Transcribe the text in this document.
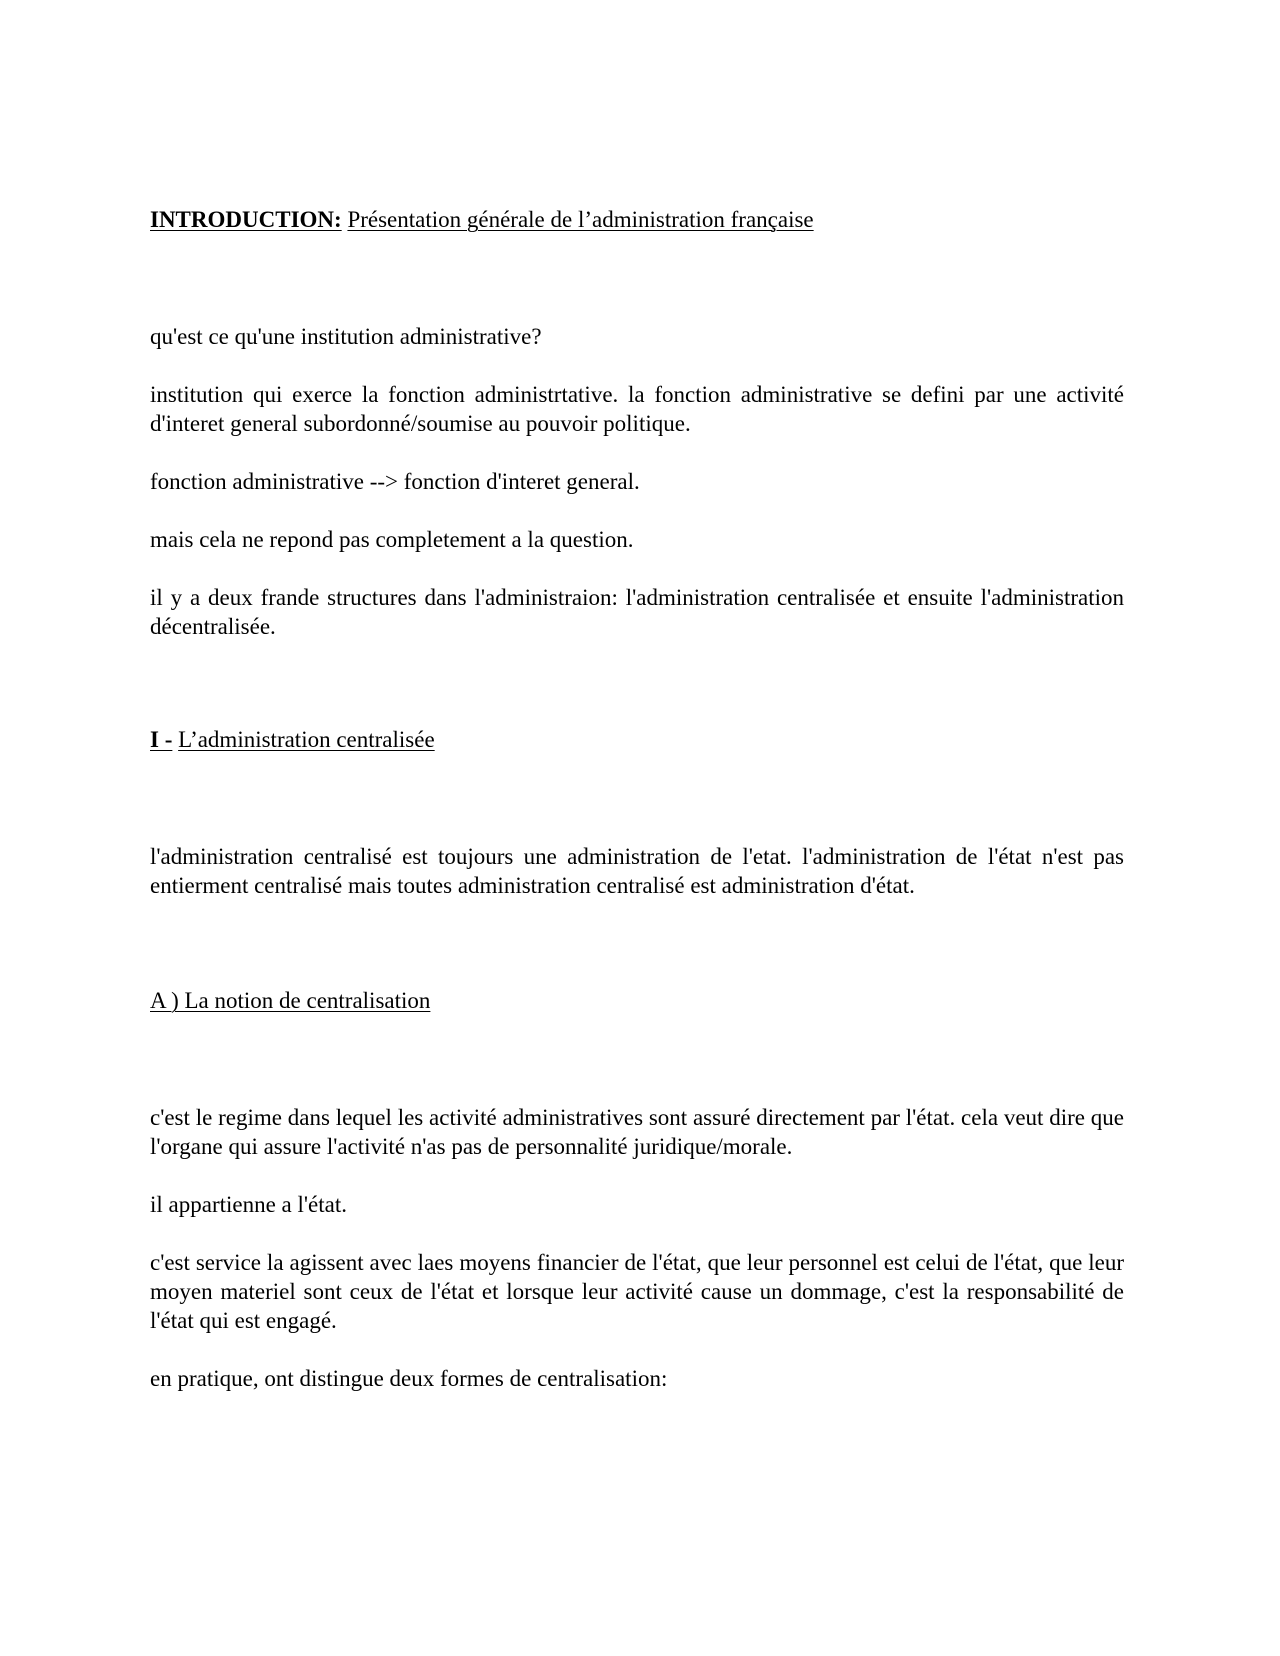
INTRODUCTION: Présentation générale de l’administration française

qu'est ce qu'une institution administrative?

institution qui exerce la fonction administrtative. la fonction administrative se defini par une activité d'interet general subordonné/soumise au pouvoir politique.

fonction administrative --> fonction d'interet general.

mais cela ne repond pas completement a la question.

il y a deux frande structures dans l'administraion: l'administration centralisée et ensuite l'administration décentralisée.

I - L’administration centralisée

l'administration centralisé est toujours une administration de l'etat. l'administration de l'état n'est pas entierment centralisé mais toutes administration centralisé est administration d'état.

A ) La notion de centralisation

c'est le regime dans lequel les activité administratives sont assuré directement par l'état. cela veut dire que l'organe qui assure l'activité n'as pas de personnalité juridique/morale.

il appartienne a l'état.

c'est service la agissent avec laes moyens financier de l'état, que leur personnel est celui de l'état, que leur moyen materiel sont ceux de l'état et lorsque leur activité cause un dommage, c'est la responsabilité de l'état qui est engagé.

en pratique, ont distingue deux formes de centralisation:
